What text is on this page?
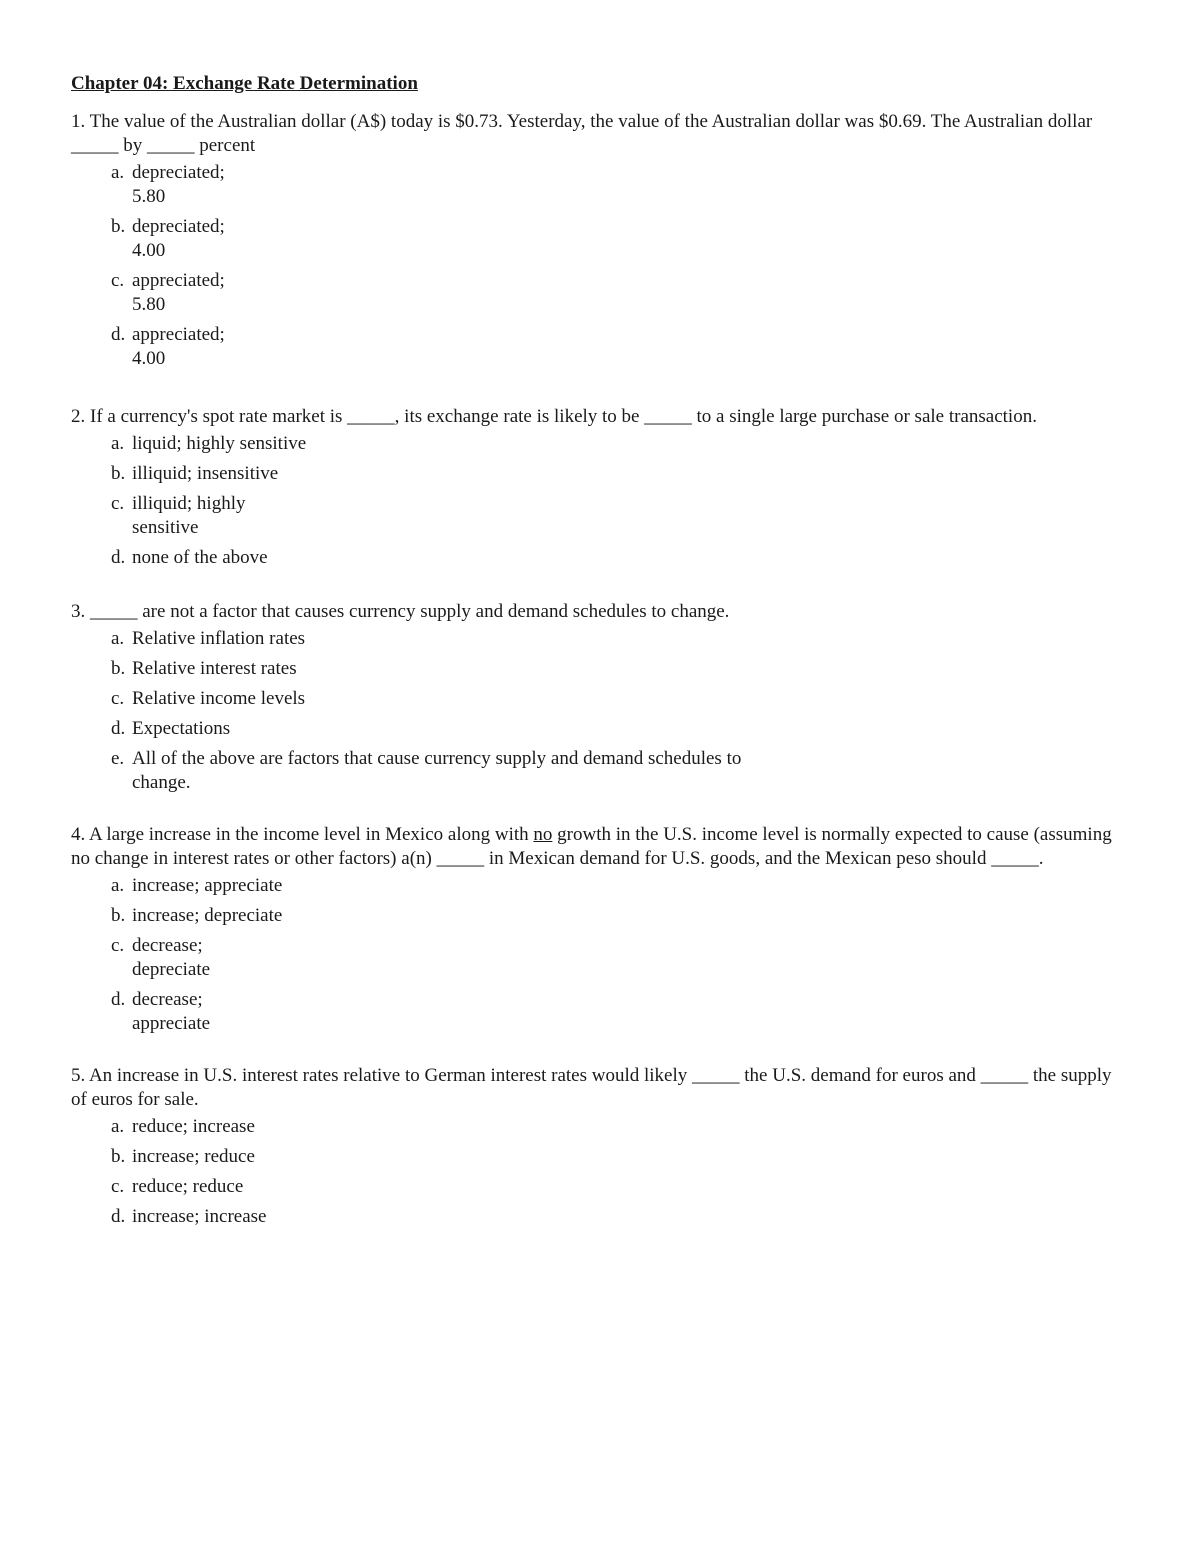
Chapter 04: Exchange Rate Determination

1. The value of the Australian dollar (A$) today is $0.73. Yesterday, the value of the Australian dollar was $0.69. The Australian dollar _____ by _____ percent

a. depreciated;
5.80
b. depreciated;
4.00
c. appreciated;
5.80
d. appreciated;
4.00

2. If a currency's spot rate market is _____, its exchange rate is likely to be _____ to a single large purchase or sale transaction.

a. liquid; highly sensitive
b. illiquid; insensitive
c. illiquid; highly
sensitive
d. none of the above

3. _____ are not a factor that causes currency supply and demand schedules to change.

a. Relative inflation rates
b. Relative interest rates
c. Relative income levels
d. Expectations
e. All of the above are factors that cause currency supply and demand schedules to
change.

4. A large increase in the income level in Mexico along with no growth in the U.S. income level is normally expected to cause (assuming no change in interest rates or other factors) a(n) _____ in Mexican demand for U.S. goods, and the Mexican peso should _____.

a. increase; appreciate
b. increase; depreciate
c. decrease;
depreciate
d. decrease;
appreciate

5. An increase in U.S. interest rates relative to German interest rates would likely _____ the U.S. demand for euros and _____ the supply of euros for sale.

a. reduce; increase
b. increase; reduce
c. reduce; reduce
d. increase; increase
